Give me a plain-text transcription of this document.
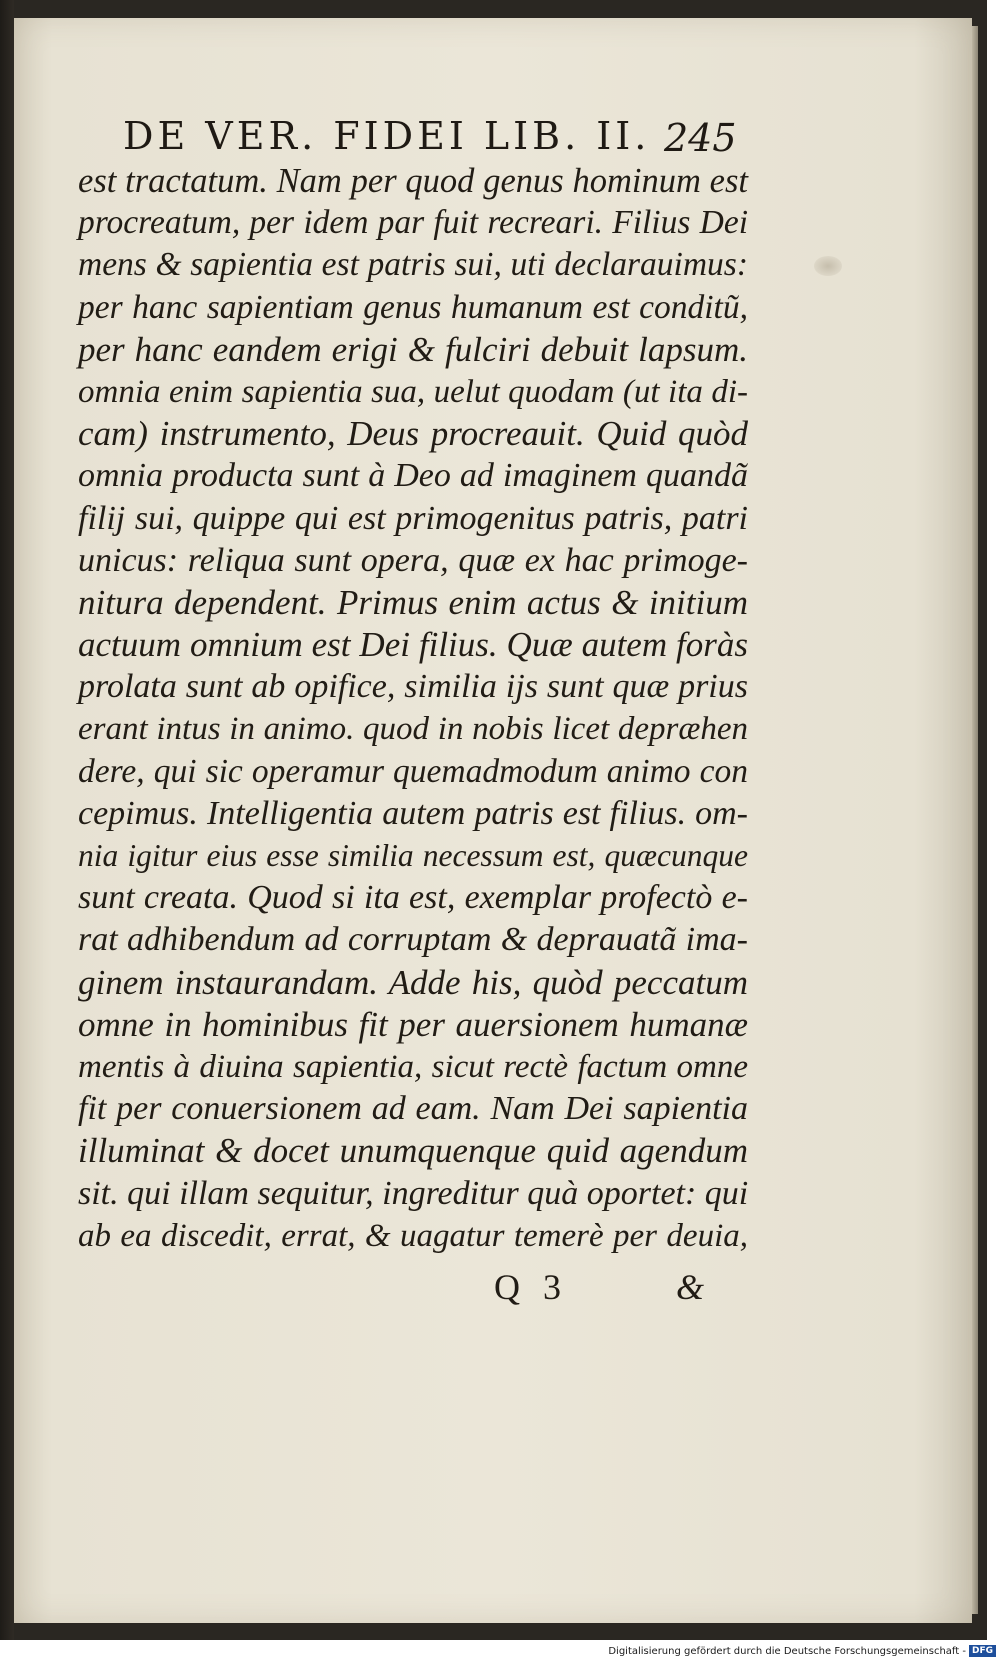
DE VER. FIDEI LIB. II. 245
est tractatum. Nam per quod genus hominum est
procreatum, per idem par fuit recreari. Filius Dei
mens & sapientia est patris sui, uti declarauimus:
per hanc sapientiam genus humanum est conditũ,
per hanc eandem erigi & fulciri debuit lapsum.
omnia enim sapientia sua, uelut quodam (ut ita di-
cam) instrumento, Deus procreauit. Quid quòd
omnia producta sunt à Deo ad imaginem quandã
filij sui, quippe qui est primogenitus patris, patri
unicus: reliqua sunt opera, quæ ex hac primoge-
nitura dependent. Primus enim actus & initium
actuum omnium est Dei filius. Quæ autem foràs
prolata sunt ab opifice, similia ijs sunt quæ prius
erant intus in animo. quod in nobis licet depræhen
dere, qui sic operamur quemadmodum animo con
cepimus. Intelligentia autem patris est filius. om-
nia igitur eius esse similia necessum est, quæcunque
sunt creata. Quod si ita est, exemplar profectò e-
rat adhibendum ad corruptam & deprauatã ima-
ginem instaurandam. Adde his, quòd peccatum
omne in hominibus fit per auersionem humanæ
mentis à diuina sapientia, sicut rectè factum omne
fit per conuersionem ad eam. Nam Dei sapientia
illuminat & docet unumquenque quid agendum
sit. qui illam sequitur, ingreditur quà oportet: qui
ab ea discedit, errat, & uagatur temerè per deuia,
Q 3	&
Digitalisierung gefördert durch die Deutsche Forschungsgemeinschaft - DFG
